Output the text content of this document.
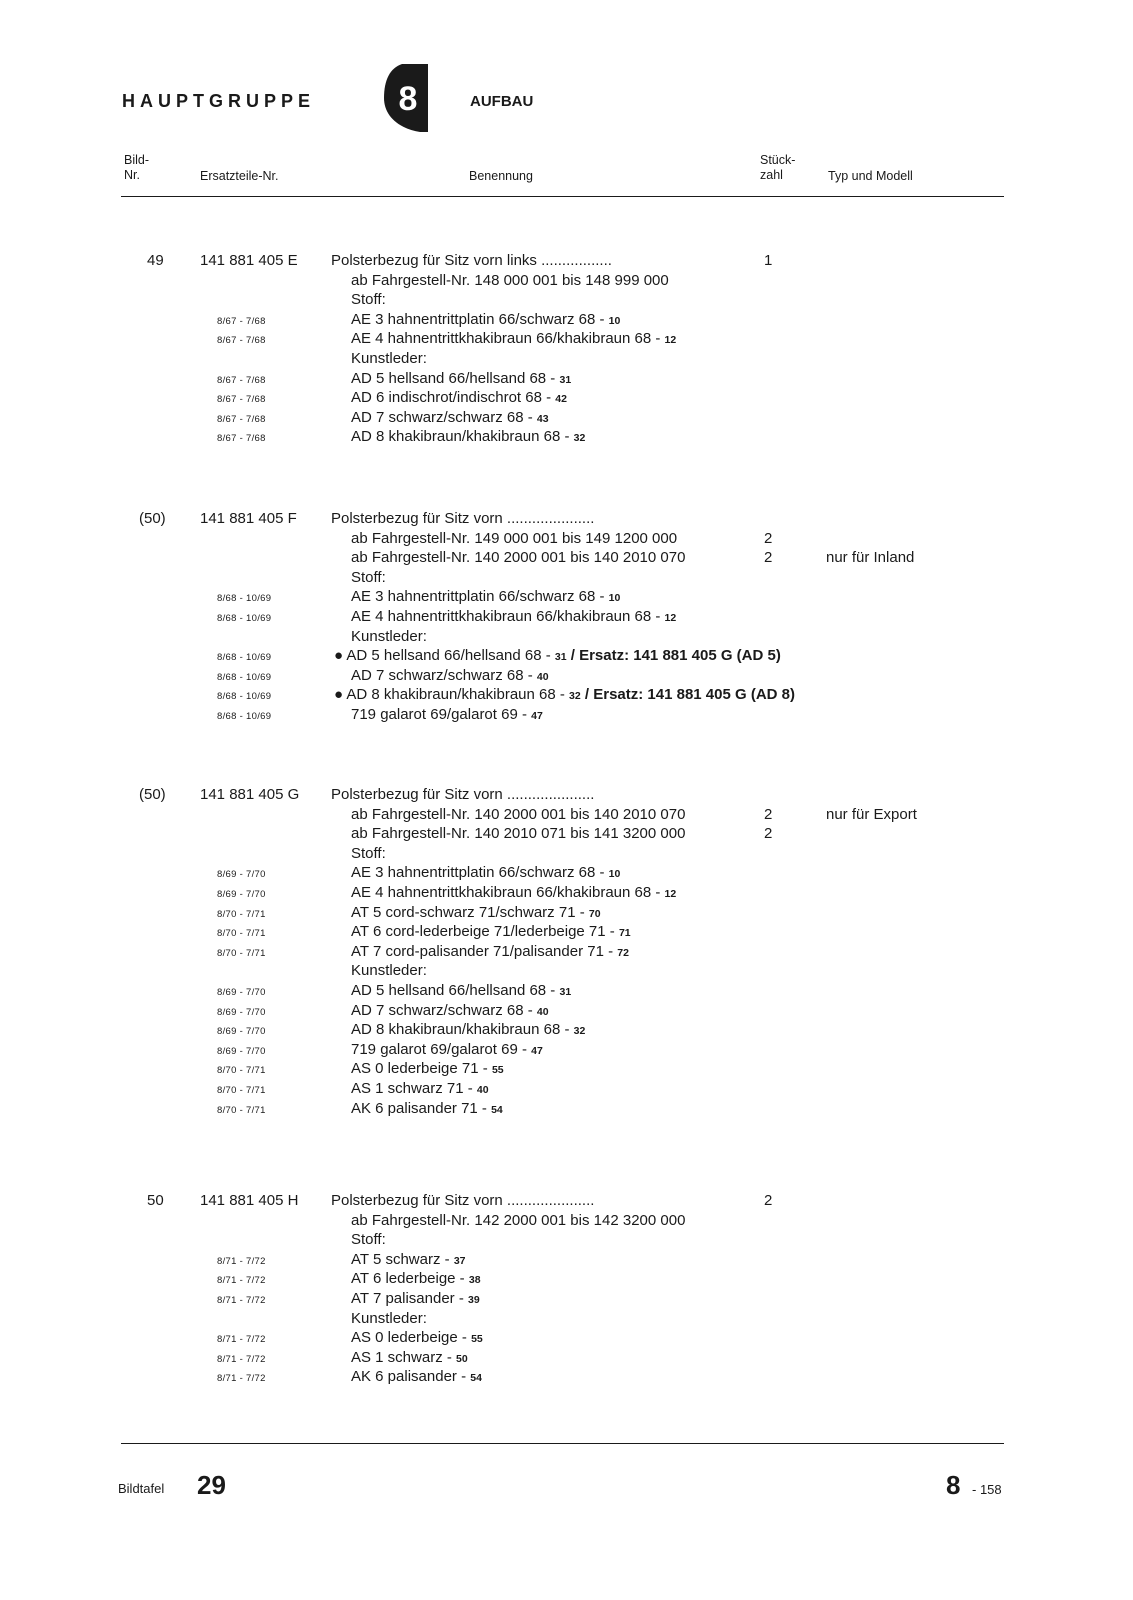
HAUPTGRUPPE 8	AUFBAU
Bild-
Nr.	Ersatzteile-Nr.	Benennung
Stück-
zahl	Typ und Modell
49 141 881 405 E Polsterbezug für Sitz vorn links .................	1
ab Fahrgestell-Nr. 148 000 001 bis 148 999 000
Stoff:
8/67 - 7/68	AE 3 hahnentrittplatin 66/schwarz 68 - 10
8/67 - 7/68	AE 4 hahnentrittkhakibraun 66/khakibraun 68 - 12
Kunstleder:
8/67 - 7/68	AD 5 hellsand 66/hellsand 68 - 31
8/67 - 7/68	AD 6 indischrot/indischrot 68 - 42
8/67 - 7/68	AD 7 schwarz/schwarz 68 - 43
8/67 - 7/68	AD 8 khakibraun/khakibraun 68 - 32
(50) 141 881 405 F Polsterbezug für Sitz vorn .....................
ab Fahrgestell-Nr. 149 000 001 bis 149 1200 000	2
ab Fahrgestell-Nr. 140 2000 001 bis 140 2010 070	2	nur für Inland
Stoff:
8/68 - 10/69	AE 3 hahnentrittplatin 66/schwarz 68 - 10
8/68 - 10/69	AE 4 hahnentrittkhakibraun 66/khakibraun 68 - 12
Kunstleder:
8/68 - 10/69	● AD 5 hellsand 66/hellsand 68 - 31 / Ersatz: 141 881 405 G (AD 5)
8/68 - 10/69	AD 7 schwarz/schwarz 68 - 40
8/68 - 10/69	● AD 8 khakibraun/khakibraun 68 - 32 / Ersatz: 141 881 405 G (AD 8)
8/68 - 10/69	719 galarot 69/galarot 69 - 47
(50) 141 881 405 G Polsterbezug für Sitz vorn .....................
ab Fahrgestell-Nr. 140 2000 001 bis 140 2010 070	2	nur für Export
ab Fahrgestell-Nr. 140 2010 071 bis 141 3200 000	2
Stoff:
8/69 - 7/70	AE 3 hahnentrittplatin 66/schwarz 68 - 10
8/69 - 7/70	AE 4 hahnentrittkhakibraun 66/khakibraun 68 - 12
8/70 - 7/71	AT 5 cord-schwarz 71/schwarz 71 - 70
8/70 - 7/71	AT 6 cord-lederbeige 71/lederbeige 71 - 71
8/70 - 7/71	AT 7 cord-palisander 71/palisander 71 - 72
Kunstleder:
8/69 - 7/70	AD 5 hellsand 66/hellsand 68 - 31
8/69 - 7/70	AD 7 schwarz/schwarz 68 - 40
8/69 - 7/70	AD 8 khakibraun/khakibraun 68 - 32
8/69 - 7/70	719 galarot 69/galarot 69 - 47
8/70 - 7/71	AS 0 lederbeige 71 - 55
8/70 - 7/71	AS 1 schwarz 71 - 40
8/70 - 7/71	AK 6 palisander 71 - 54
50 141 881 405 H Polsterbezug für Sitz vorn .....................	2
ab Fahrgestell-Nr. 142 2000 001 bis 142 3200 000
Stoff:
8/71 - 7/72	AT 5 schwarz - 37
8/71 - 7/72	AT 6 lederbeige - 38
8/71 - 7/72	AT 7 palisander - 39
Kunstleder:
8/71 - 7/72	AS 0 lederbeige - 55
8/71 - 7/72	AS 1 schwarz - 50
8/71 - 7/72	AK 6 palisander - 54
Bildtafel 29	8 - 158
